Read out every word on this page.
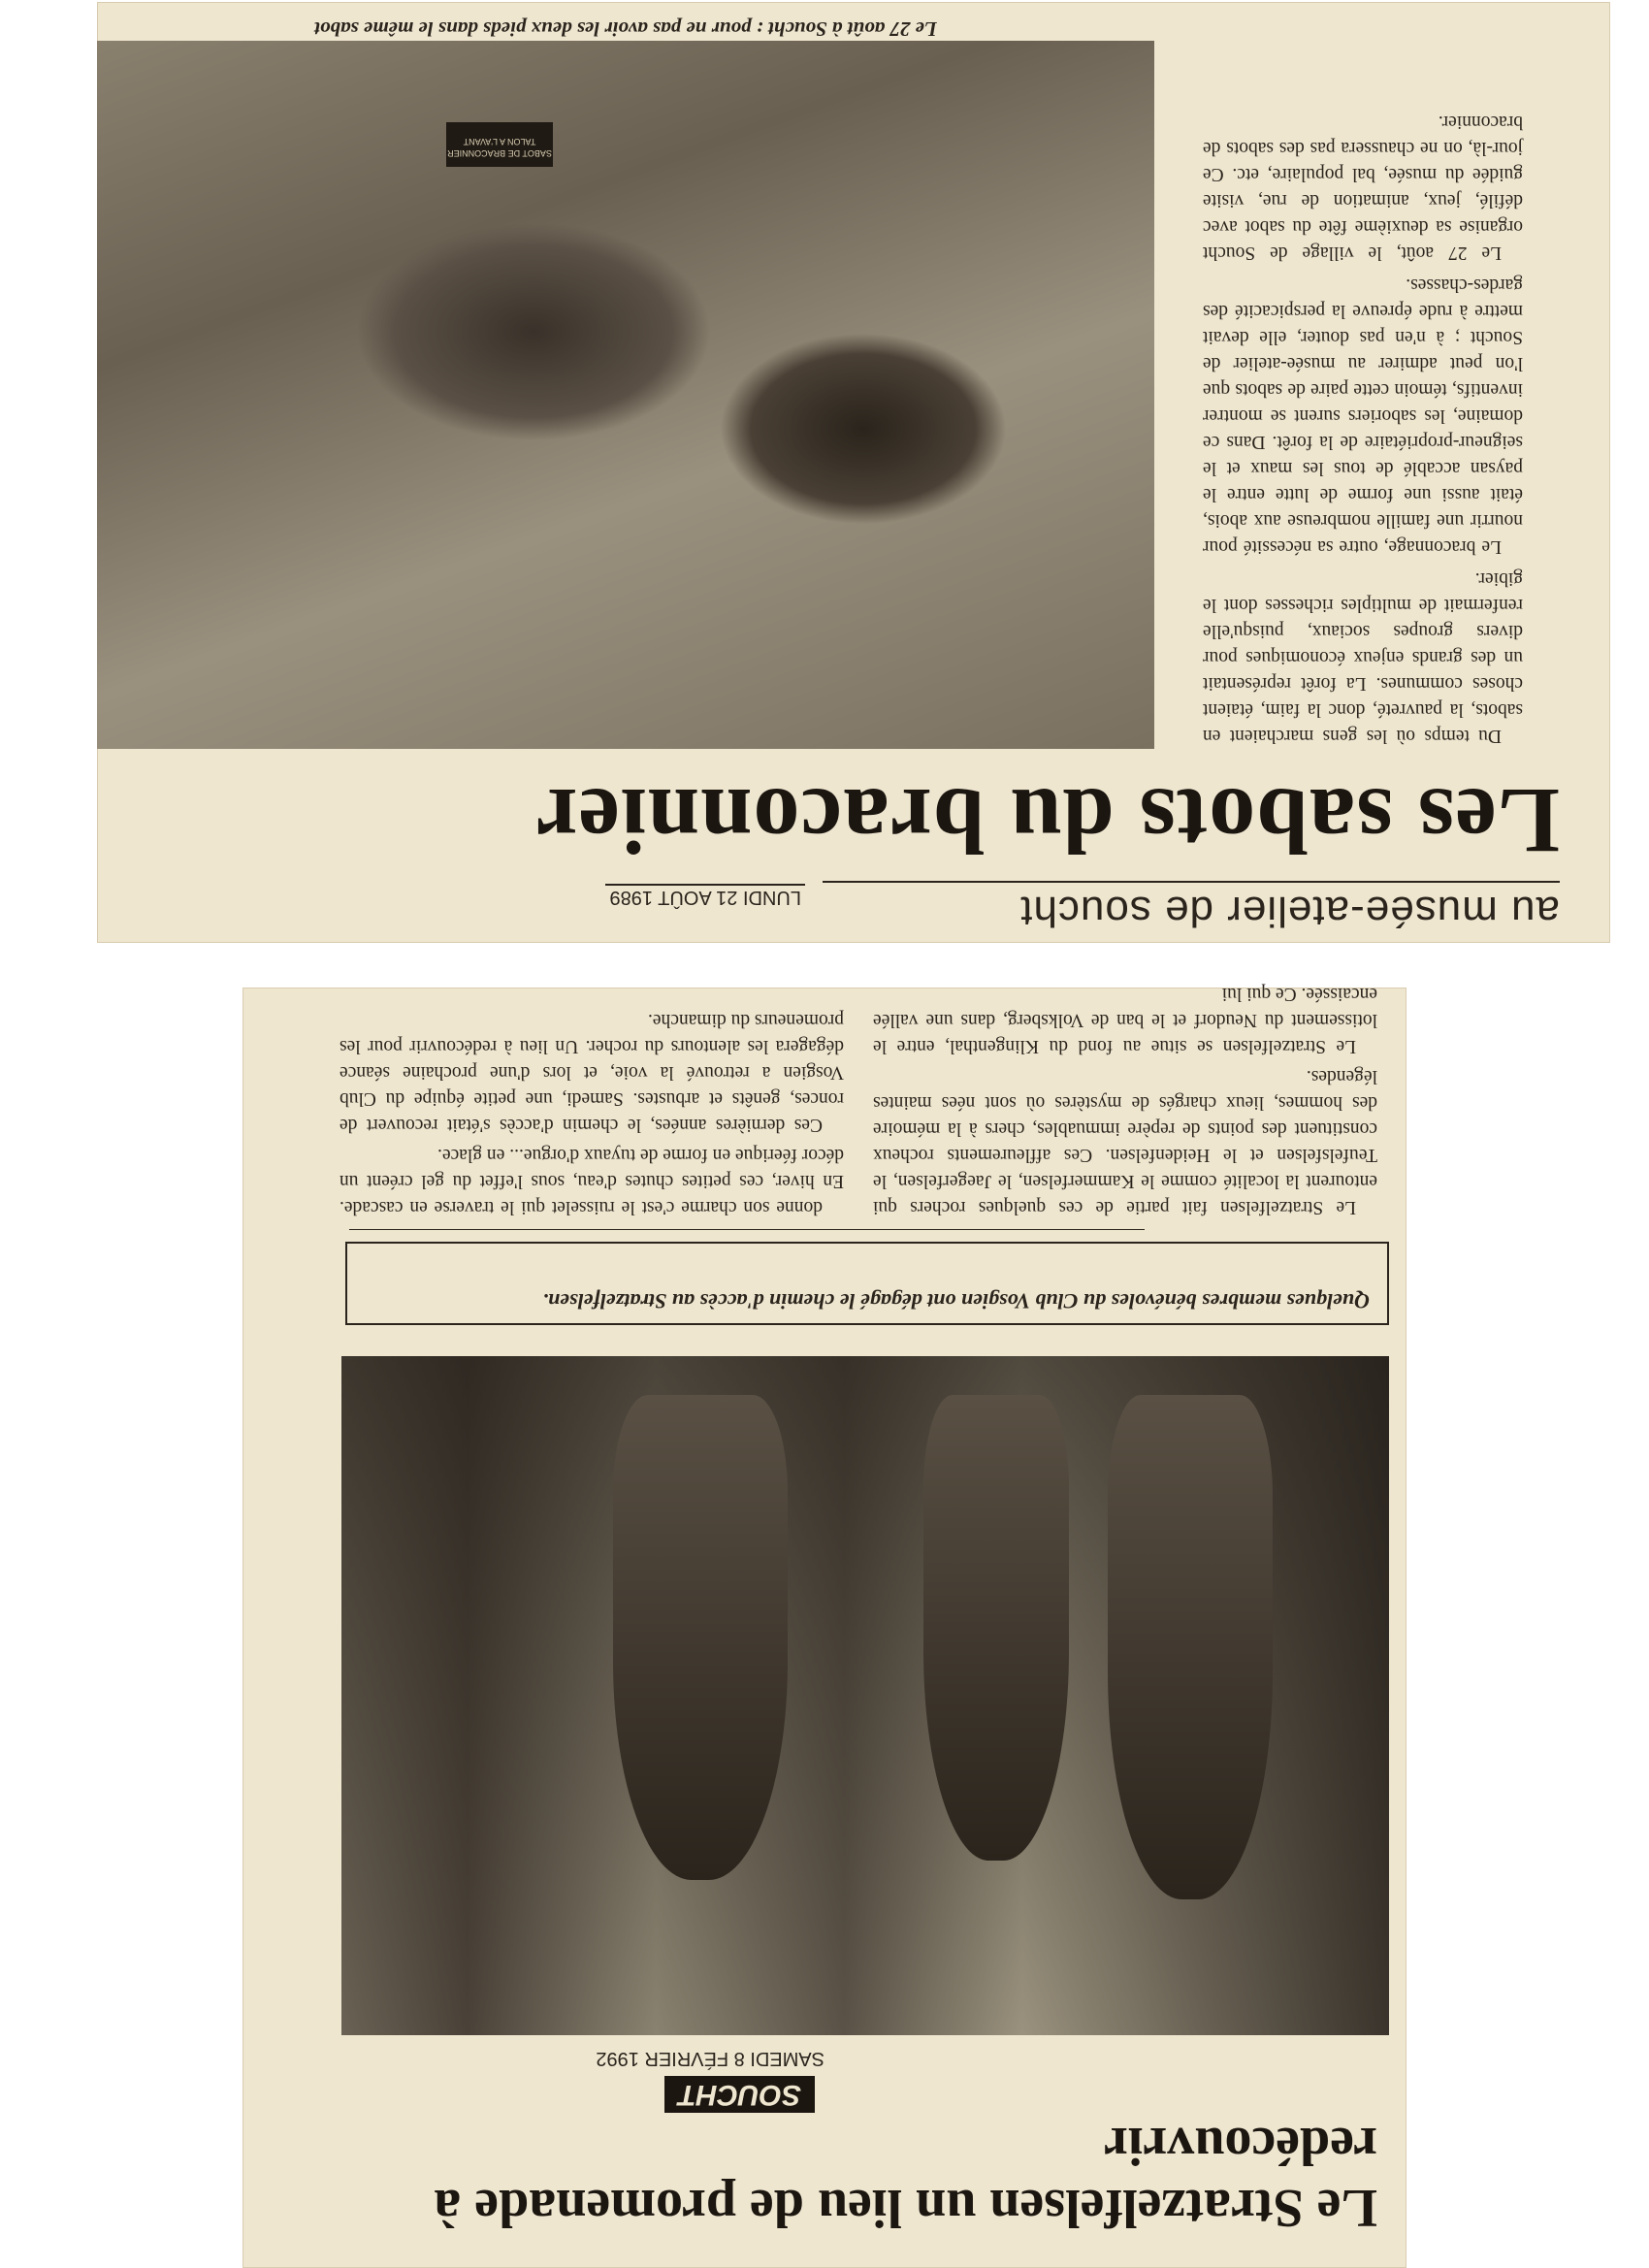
au musée-atelier de soucht
LUNDI 21 AOÛT 1989
Les sabots du braconnier

Du temps où les gens marchaient en sabots, la pauvreté, donc la faim, étaient choses communes. La forêt représentait un des grands enjeux économiques pour divers groupes sociaux, puisqu'elle renfermait de multiples richesses dont le gibier.

Le braconnage, outre sa nécessité pour nourrir une famille nombreuse aux abois, était aussi une forme de lutte entre le paysan accablé de tous les maux et le seigneur-propriétaire de la forêt. Dans ce domaine, les saboriers surent se montrer inventifs, témoin cette paire de sabots que l'on peut admirer au musée-atelier de Soucht ; à n'en pas douter, elle devait mettre à rude épreuve la perspicacité des gardes-chasses.

Le 27 août, le village de Soucht organise sa deuxième fête du sabot avec défilé, jeux, animation de rue, visite guidée du musée, bal populaire, etc. Ce jour-là, on ne chaussera pas des sabots de braconnier.

SABOT DE BRACONNIER
TALON A L'AVANT
Le 27 août à Soucht : pour ne pas avoir les deux pieds dans le même sabot
Le Stratzelfelsen un lieu de promenade à redécouvrir
SOUCHT
SAMEDI 8 FÉVRIER 1992
Quelques membres bénévoles du Club Vosgien ont dégagé le chemin d'accès au Stratzelfelsen.

Le Stratzelfelsen fait partie de ces quelques rochers qui entourent la localité comme le Kammerfelsen, le Jaegerfelsen, le Teufelsfelsen et le Heidenfelsen. Ces affleurements rocheux constituent des points de repère immuables, chers à la mémoire des hommes, lieux chargés de mystères où sont nées maintes légendes.

Le Stratzelfelsen se situe au fond du Klingenthal, entre le lotissement du Neudorf et le ban de Volksberg, dans une vallée encaissée. Ce qui lui

donne son charme c'est le ruisselet qui le traverse en cascade. En hiver, ces petites chutes d'eau, sous l'effet du gel créent un décor féerique en forme de tuyaux d'orgue... en glace.

Ces dernières années, le chemin d'accès s'était recouvert de ronces, genêts et arbustes. Samedi, une petite équipe du Club Vosgien a retrouvé la voie, et lors d'une prochaine séance dégagera les alentours du rocher. Un lieu à redécouvrir pour les promeneurs du dimanche.
